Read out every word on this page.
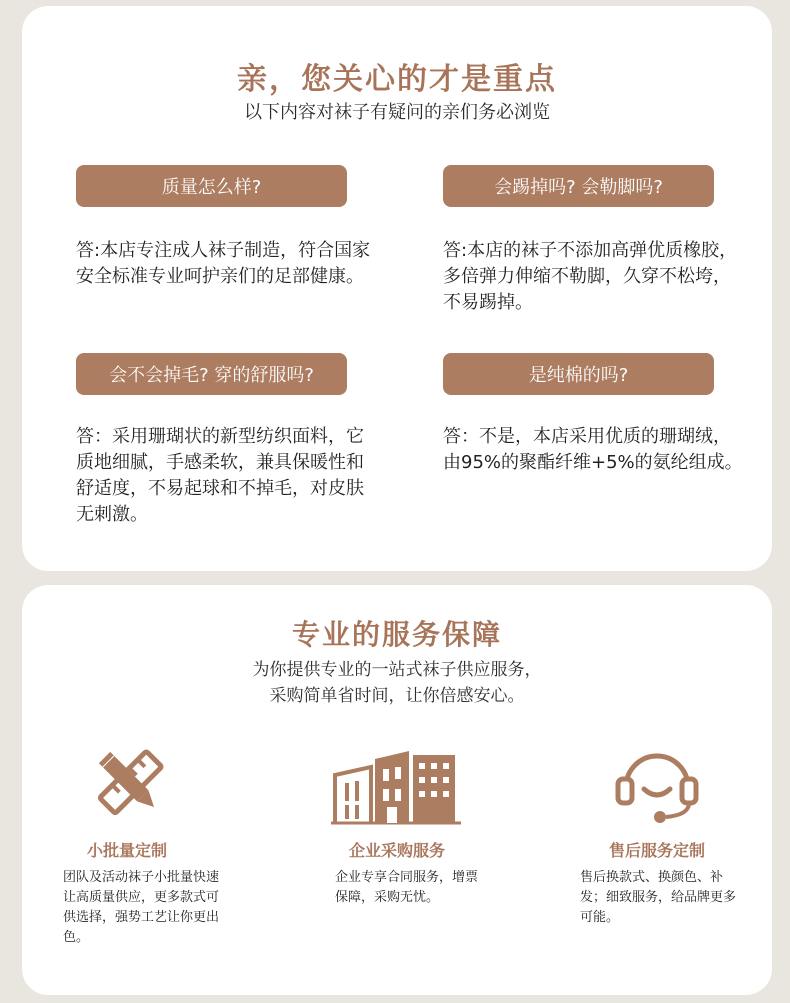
亲，您关心的才是重点
以下内容对袜子有疑问的亲们务必浏览
质量怎么样?
答:本店专注成人袜子制造，符合国家安全标准专业呵护亲们的足部健康。
会踢掉吗? 会勒脚吗?
答:本店的袜子不添加高弹优质橡胶，多倍弹力伸缩不勒脚，久穿不松垮，不易踢掉。
会不会掉毛? 穿的舒服吗?
答：采用珊瑚状的新型纺织面料，它质地细腻，手感柔软，兼具保暖性和舒适度，不易起球和不掉毛，对皮肤无刺激。
是纯棉的吗?
答：不是，本店采用优质的珊瑚绒，由95%的聚酯纤维+5%的氨纶组成。
专业的服务保障
为你提供专业的一站式袜子供应服务，
采购简单省时间，让你倍感安心。
小批量定制
团队及活动袜子小批量快速让高质量供应，更多款式可供选择，强势工艺让你更出色。
企业采购服务
企业专享合同服务，增票保障，采购无忧。
售后服务定制
售后换款式、换颜色、补发；细致服务，给品牌更多可能。
